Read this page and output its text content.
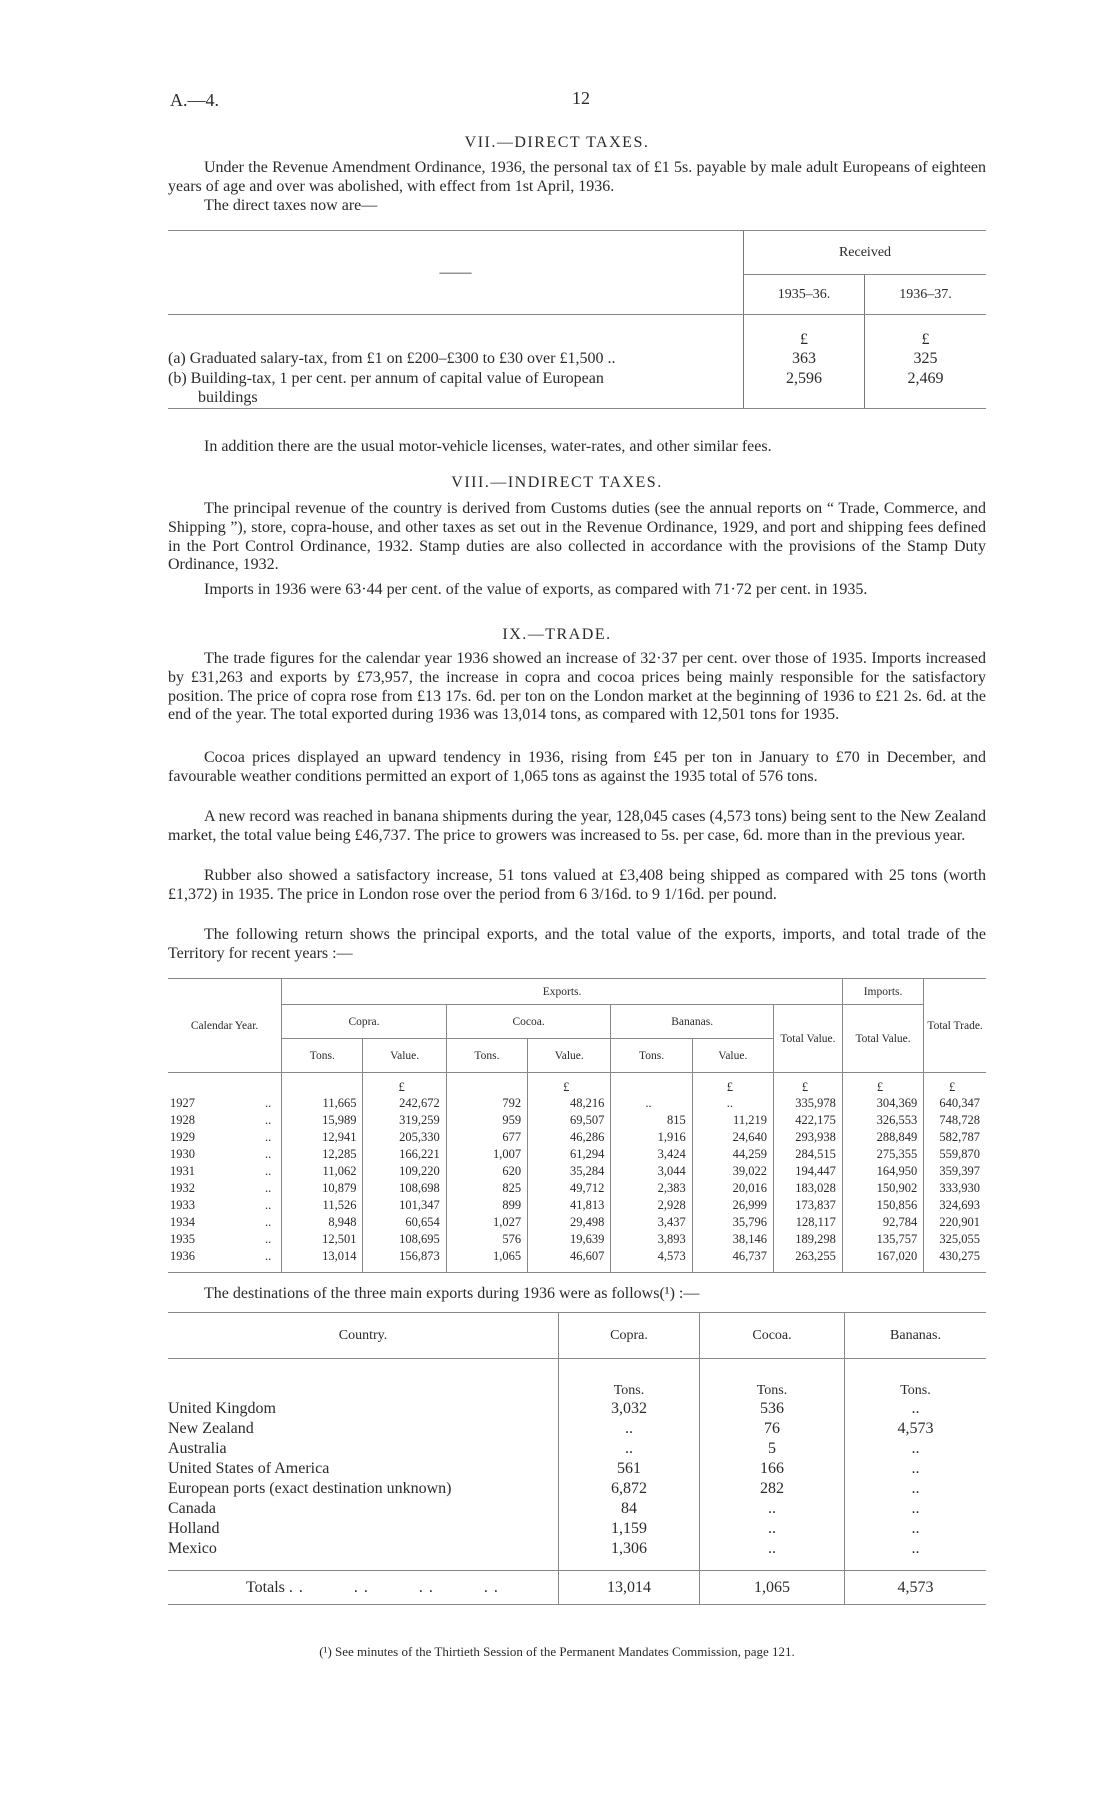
A.—4.	12
VII.—DIRECT TAXES.

Under the Revenue Amendment Ordinance, 1936, the personal tax of £1 5s. payable by male adult Europeans of eighteen years of age and over was abolished, with effect from 1st April, 1936.

The direct taxes now are—

——	Received	
	1935–36.	1936–37.
	£	£
(a) Graduated salary-tax, from £1 on £200–£300 to £30 over £1,500 ..	363	325
(b) Building-tax, 1 per cent. per annum of capital value of European	2,596	2,469
buildings		

In addition there are the usual motor-vehicle licenses, water-rates, and other similar fees.

VIII.—INDIRECT TAXES.

The principal revenue of the country is derived from Customs duties (see the annual reports on “ Trade, Commerce, and Shipping ”), store, copra-house, and other taxes as set out in the Revenue Ordinance, 1929, and port and shipping fees defined in the Port Control Ordinance, 1932. Stamp duties are also collected in accordance with the provisions of the Stamp Duty Ordinance, 1932.

Imports in 1936 were 63·44 per cent. of the value of exports, as compared with 71·72 per cent. in 1935.

IX.—TRADE.

The trade figures for the calendar year 1936 showed an increase of 32·37 per cent. over those of 1935. Imports increased by £31,263 and exports by £73,957, the increase in copra and cocoa prices being mainly responsible for the satisfactory position. The price of copra rose from £13 17s. 6d. per ton on the London market at the beginning of 1936 to £21 2s. 6d. at the end of the year. The total exported during 1936 was 13,014 tons, as compared with 12,501 tons for 1935.

Cocoa prices displayed an upward tendency in 1936, rising from £45 per ton in January to £70 in December, and favourable weather conditions permitted an export of 1,065 tons as against the 1935 total of 576 tons.

A new record was reached in banana shipments during the year, 128,045 cases (4,573 tons) being sent to the New Zealand market, the total value being £46,737. The price to growers was increased to 5s. per case, 6d. more than in the previous year.

Rubber also showed a satisfactory increase, 51 tons valued at £3,408 being shipped as compared with 25 tons (worth £1,372) in 1935. The price in London rose over the period from 6 3/16d. to 9 1/16d. per pound.

The following return shows the principal exports, and the total value of the exports, imports, and total trade of the Territory for recent years :—

Calendar Year.	Exports.							Imports.	Total Trade.
	Copra.		Cocoa.		Bananas.		Total Value.	Total Value.	
	Tons.	Value.	Tons.	Value.	Tons.	Value.			
		£		£		£	£	£	£
1927 ..	11,665	242,672	792	48,216	..	..	335,978	304,369	640,347
1928 ..	15,989	319,259	959	69,507	815	11,219	422,175	326,553	748,728
1929 ..	12,941	205,330	677	46,286	1,916	24,640	293,938	288,849	582,787
1930 ..	12,285	166,221	1,007	61,294	3,424	44,259	284,515	275,355	559,870
1931 ..	11,062	109,220	620	35,284	3,044	39,022	194,447	164,950	359,397
1932 ..	10,879	108,698	825	49,712	2,383	20,016	183,028	150,902	333,930
1933 ..	11,526	101,347	899	41,813	2,928	26,999	173,837	150,856	324,693
1934 ..	8,948	60,654	1,027	29,498	3,437	35,796	128,117	92,784	220,901
1935 ..	12,501	108,695	576	19,639	3,893	38,146	189,298	135,757	325,055
1936 ..	13,014	156,873	1,065	46,607	4,573	46,737	263,255	167,020	430,275

The destinations of the three main exports during 1936 were as follows(¹) :—

Country.	Copra.	Cocoa.	Bananas.
	Tons.	Tons.	Tons.
United Kingdom	3,032	536	..
New Zealand	..	76	4,573
Australia	..	5	..
United States of America	561	166	..
European ports (exact destination unknown)	6,872	282	..
Canada	84	..	..
Holland	1,159	..	..
Mexico	1,306	..	..

Totals . .          . .          . .          . .	13,014	1,065	4,573
(¹) See minutes of the Thirtieth Session of the Permanent Mandates Commission, page 121.
